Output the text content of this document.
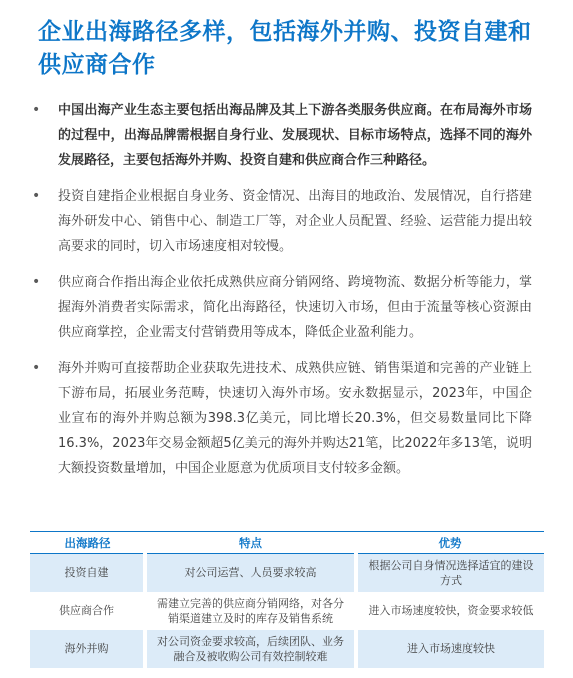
企业出海路径多样，包括海外并购、投资自建和供应商合作
•	中国出海产业生态主要包括出海品牌及其上下游各类服务供应商。在布局海外市场的过程中，出海品牌需根据自身行业、发展现状、目标市场特点，选择不同的海外发展路径，主要包括海外并购、投资自建和供应商合作三种路径。
•	投资自建指企业根据自身业务、资金情况、出海目的地政治、发展情况，自行搭建海外研发中心、销售中心、制造工厂等，对企业人员配置、经验、运营能力提出较高要求的同时，切入市场速度相对较慢。
•	供应商合作指出海企业依托成熟供应商分销网络、跨境物流、数据分析等能力，掌握海外消费者实际需求，简化出海路径，快速切入市场，但由于流量等核心资源由供应商掌控，企业需支付营销费用等成本，降低企业盈利能力。
•	海外并购可直接帮助企业获取先进技术、成熟供应链、销售渠道和完善的产业链上下游布局，拓展业务范畴，快速切入海外市场。安永数据显示，2023年，中国企业宣布的海外并购总额为398.3亿美元，同比增长20.3%，但交易数量同比下降16.3%，2023年交易金额超5亿美元的海外并购达21笔，比2022年多13笔，说明大额投资数量增加，中国企业愿意为优质项目支付较多金额。
出海路径	特点	优势
投资自建	对公司运营、人员要求较高	根据公司自身情况选择适宜的建设方式
供应商合作	需建立完善的供应商分销网络，对各分销渠道建立及时的库存及销售系统	进入市场速度较快，资金要求较低
海外并购	对公司资金要求较高，后续团队、业务融合及被收购公司有效控制较难	进入市场速度较快
